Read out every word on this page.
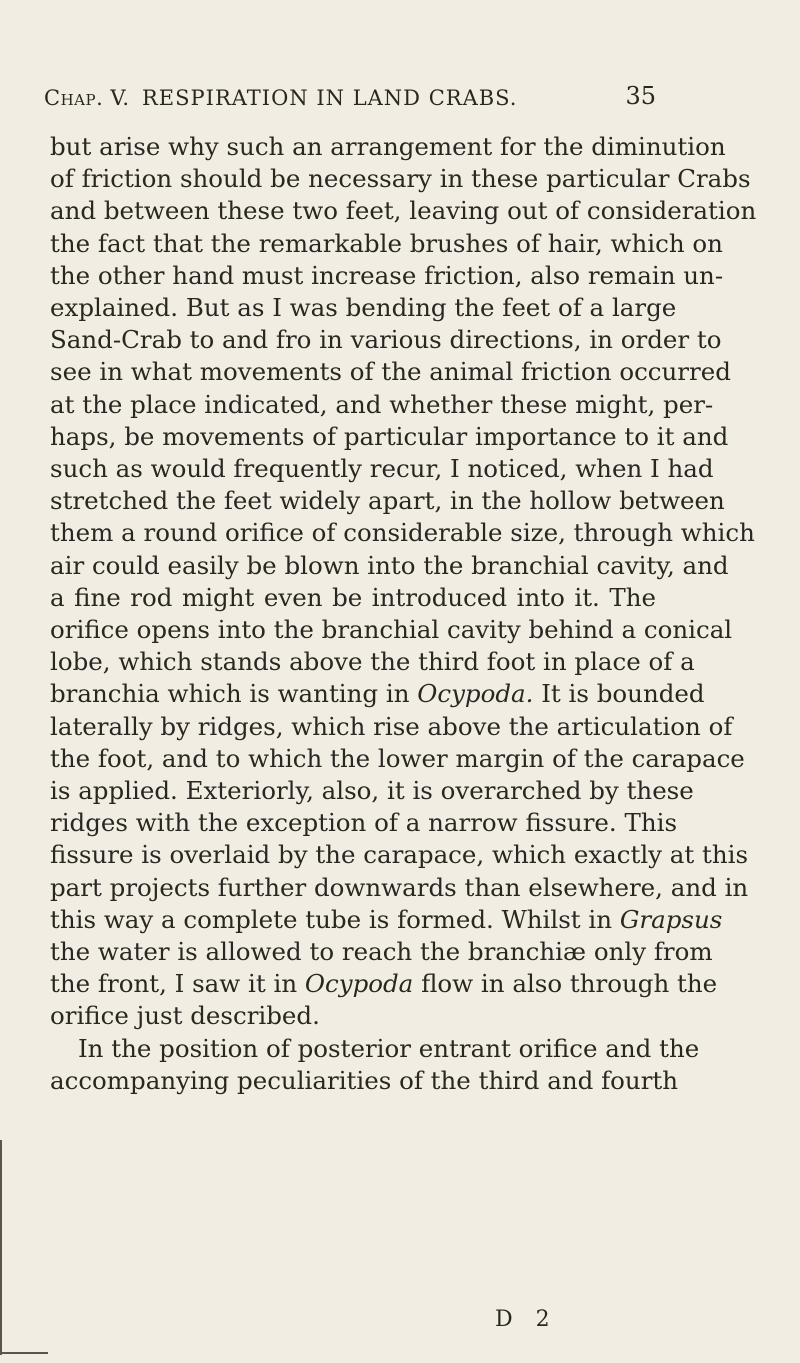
Chap. V. RESPIRATION IN LAND CRABS.	35
but arise why such an arrangement for the diminution
of friction should be necessary in these particular Crabs
and between these two feet, leaving out of consideration
the fact that the remarkable brushes of hair, which on
the other hand must increase friction, also remain un-
explained. But as I was bending the feet of a large
Sand-Crab to and fro in various directions, in order to
see in what movements of the animal friction occurred
at the place indicated, and whether these might, per-
haps, be movements of particular importance to it and
such as would frequently recur, I noticed, when I had
stretched the feet widely apart, in the hollow between
them a round orifice of considerable size, through which
air could easily be blown into the branchial cavity, and
a fine rod might even be introduced into it. The
orifice opens into the branchial cavity behind a conical
lobe, which stands above the third foot in place of a
branchia which is wanting in Ocypoda. It is bounded
laterally by ridges, which rise above the articulation of
the foot, and to which the lower margin of the carapace
is applied. Exteriorly, also, it is overarched by these
ridges with the exception of a narrow fissure. This
fissure is overlaid by the carapace, which exactly at this
part projects further downwards than elsewhere, and in
this way a complete tube is formed. Whilst in Grapsus
the water is allowed to reach the branchiæ only from
the front, I saw it in Ocypoda flow in also through the
orifice just described.
In the position of posterior entrant orifice and the
accompanying peculiarities of the third and fourth
D 2
